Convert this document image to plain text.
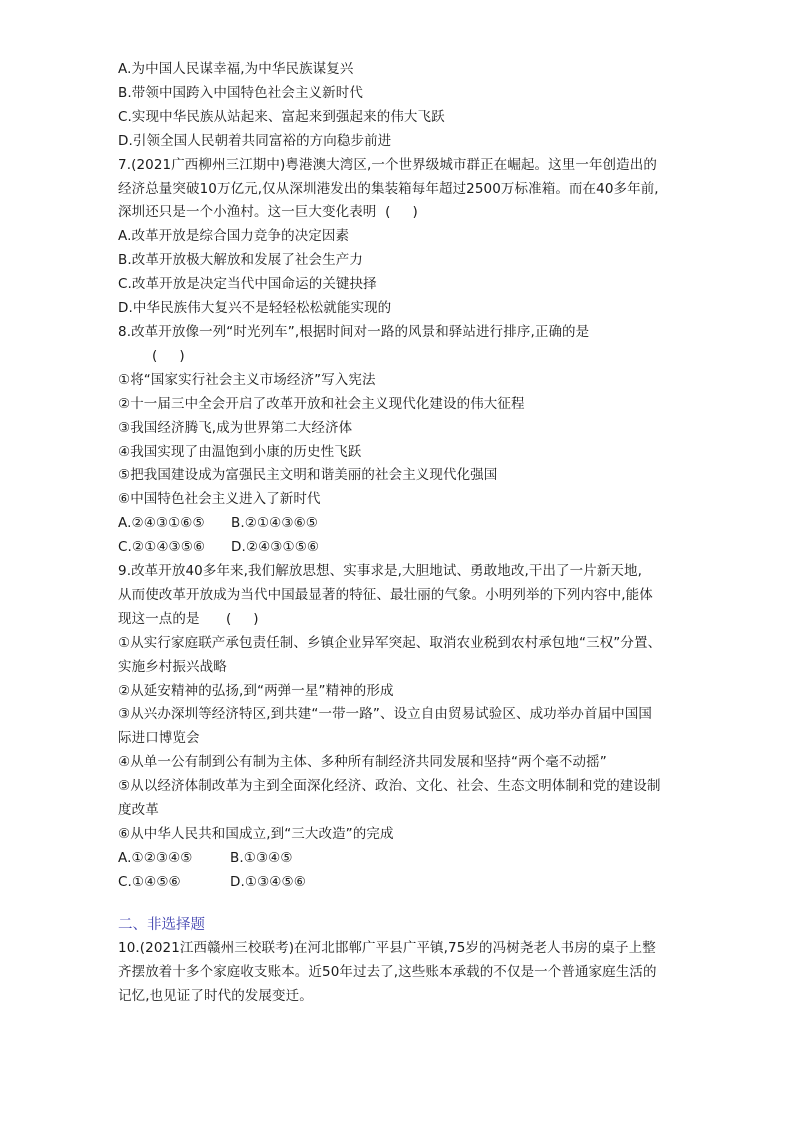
A.为中国人民谋幸福,为中华民族谋复兴
B.带领中国跨入中国特色社会主义新时代
C.实现中华民族从站起来、富起来到强起来的伟大飞跃
D.引领全国人民朝着共同富裕的方向稳步前进
7.(2021广西柳州三江期中)粤港澳大湾区,一个世界级城市群正在崛起。这里一年创造出的
经济总量突破10万亿元,仅从深圳港发出的集装箱每年超过2500万标准箱。而在40多年前,
深圳还只是一个小渔村。这一巨大变化表明  (     )
A.改革开放是综合国力竞争的决定因素
B.改革开放极大解放和发展了社会生产力
C.改革开放是决定当代中国命运的关键抉择
D.中华民族伟大复兴不是轻轻松松就能实现的
8.改革开放像一列“时光列车”,根据时间对一路的风景和驿站进行排序,正确的是
(     )
①将“国家实行社会主义市场经济”写入宪法
②十一届三中全会开启了改革开放和社会主义现代化建设的伟大征程
③我国经济腾飞,成为世界第二大经济体
④我国实现了由温饱到小康的历史性飞跃
⑤把我国建设成为富强民主文明和谐美丽的社会主义现代化强国
⑥中国特色社会主义进入了新时代
A.②④③①⑥⑤	B.②①④③⑥⑤
C.②①④③⑤⑥	D.②④③①⑤⑥
9.改革开放40多年来,我们解放思想、实事求是,大胆地试、勇敢地改,干出了一片新天地,
从而使改革开放成为当代中国最显著的特征、最壮丽的气象。小明列举的下列内容中,能体
现这一点的是      (     )
①从实行家庭联产承包责任制、乡镇企业异军突起、取消农业税到农村承包地“三权”分置、
实施乡村振兴战略
②从延安精神的弘扬,到“两弹一星”精神的形成
③从兴办深圳等经济特区,到共建“一带一路”、设立自由贸易试验区、成功举办首届中国国
际进口博览会
④从单一公有制到公有制为主体、多种所有制经济共同发展和坚持“两个毫不动摇”
⑤从以经济体制改革为主到全面深化经济、政治、文化、社会、生态文明体制和党的建设制
度改革
⑥从中华人民共和国成立,到“三大改造”的完成
A.①②③④⑤	B.①③④⑤
C.①④⑤⑥	D.①③④⑤⑥
二、非选择题
10.(2021江西赣州三校联考)在河北邯郸广平县广平镇,75岁的冯树尧老人书房的桌子上整
齐摆放着十多个家庭收支账本。近50年过去了,这些账本承载的不仅是一个普通家庭生活的
记忆,也见证了时代的发展变迁。
